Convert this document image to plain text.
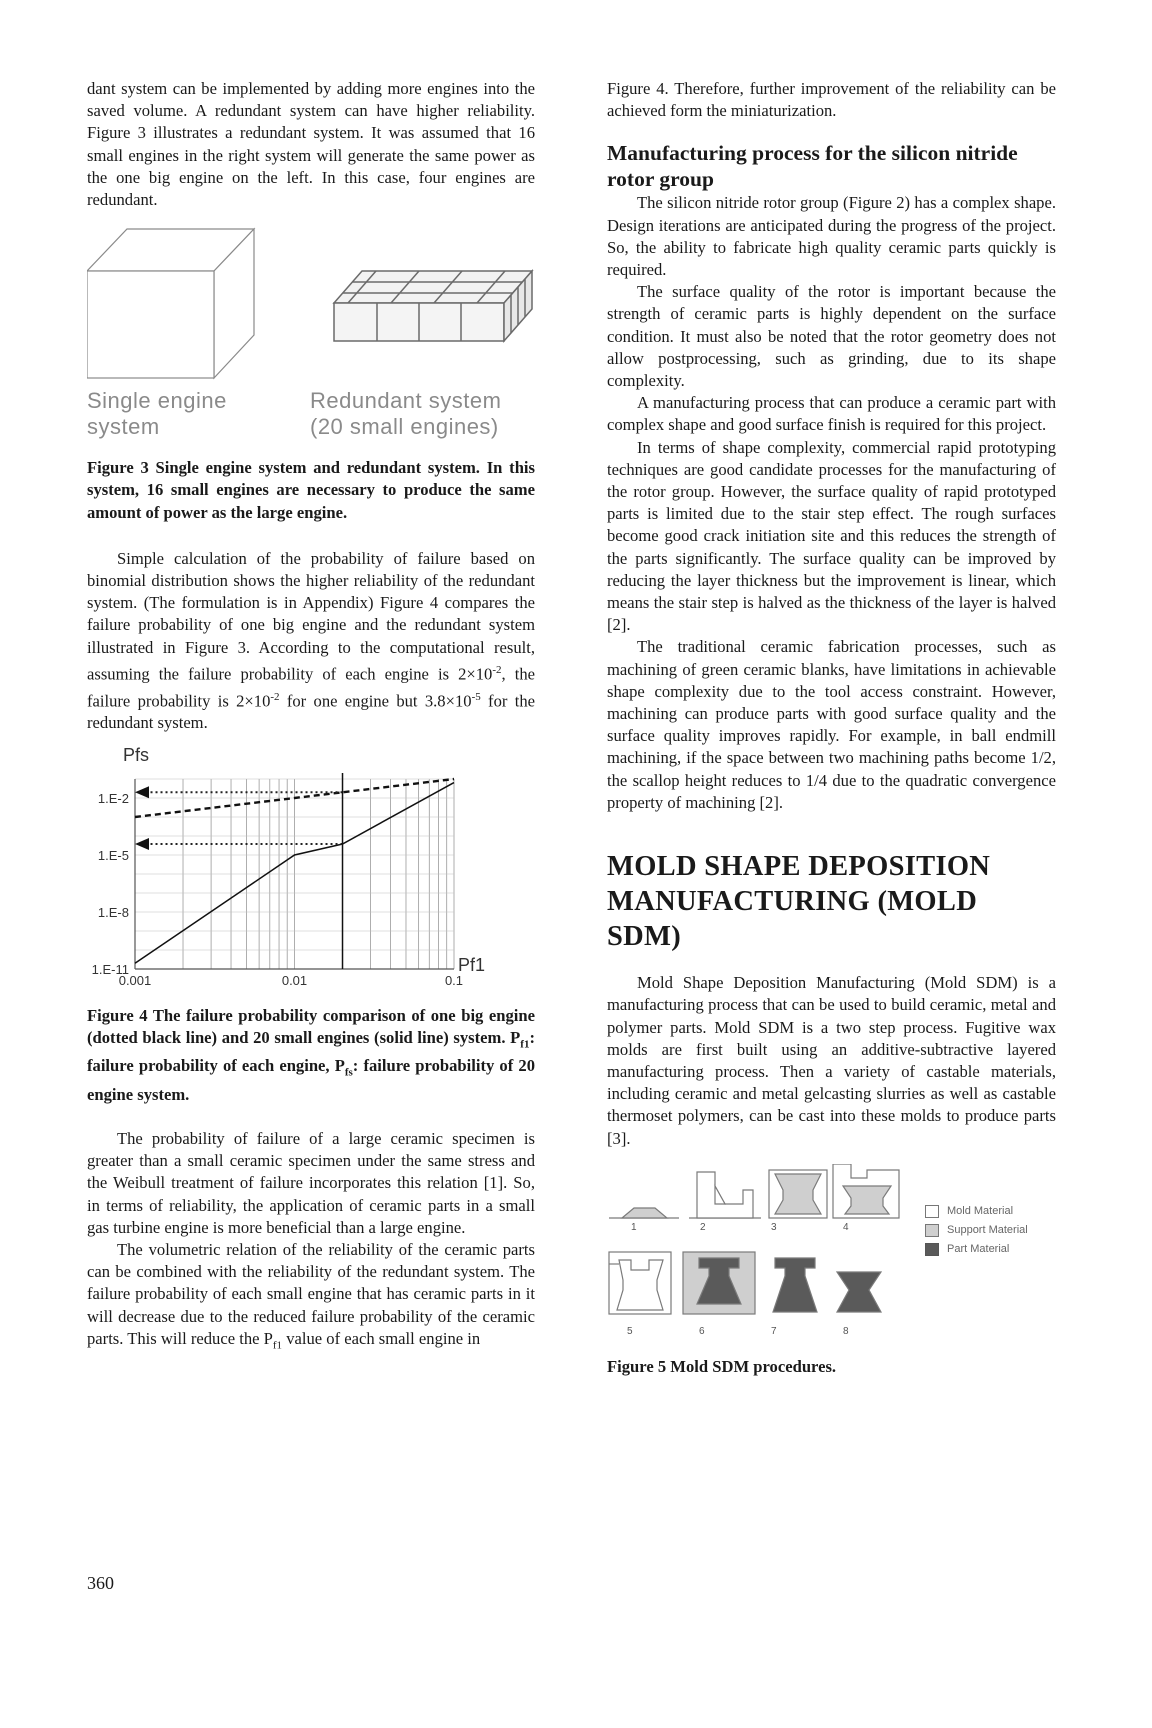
dant system can be implemented by adding more engines into the saved volume. A redundant system can have higher reliability. Figure 3 illustrates a redundant system. It was assumed that 16 small engines in the right system will generate the same power as the one big engine on the left. In this case, four engines are redundant.

Single engine
system
Redundant system
(20 small engines)

Figure 3 Single engine system and redundant system. In this system, 16 small engines are necessary to produce the same amount of power as the large engine.

Simple calculation of the probability of failure based on binomial distribution shows the higher reliability of the redundant system. (The formulation is in Appendix) Figure 4 compares the failure probability of one big engine and the redundant system illustrated in Figure 3. According to the computational result, assuming the failure probability of each engine is $2\times 10^{-2}$, the failure probability is $2\times 10^{-2}$ for one engine but $3.8\times 10^{-5}$ for the redundant system.

1.E-2
1.E-5
1.E-8
1.E-11
0.001	0.01	0.1
Pfs
Pf1

Figure 4 The failure probability comparison of one big engine (dotted black line) and 20 small engines (solid line) system. $P_{f1}$: failure probability of each engine, $P_{fs}$: failure probability of 20 engine system.

The probability of failure of a large ceramic specimen is greater than a small ceramic specimen under the same stress and the Weibull treatment of failure incorporates this relation [1]. So, in terms of reliability, the application of ceramic parts in a small gas turbine engine is more beneficial than a large engine.

The volumetric relation of the reliability of the ceramic parts can be combined with the reliability of the redundant system. The failure probability of each small engine that has ceramic parts in it will decrease due to the reduced failure probability of the ceramic parts. This will reduce the $P_{f1}$ value of each small engine in

Figure 4. Therefore, further improvement of the reliability can be achieved form the miniaturization.

Manufacturing process for the silicon nitride rotor group

The silicon nitride rotor group (Figure 2) has a complex shape. Design iterations are anticipated during the progress of the project. So, the ability to fabricate high quality ceramic parts quickly is required.

The surface quality of the rotor is important because the strength of ceramic parts is highly dependent on the surface condition. It must also be noted that the rotor geometry does not allow postprocessing, such as grinding, due to its shape complexity.

A manufacturing process that can produce a ceramic part with complex shape and good surface finish is required for this project.

In terms of shape complexity, commercial rapid prototyping techniques are good candidate processes for the manufacturing of the rotor group. However, the surface quality of rapid prototyped parts is limited due to the stair step effect. The rough surfaces become good crack initiation site and this reduces the strength of the parts significantly. The surface quality can be improved by reducing the layer thickness but the improvement is linear, which means the stair step is halved as the thickness of the layer is halved [2].

The traditional ceramic fabrication processes, such as machining of green ceramic blanks, have limitations in achievable shape complexity due to the tool access constraint. However, machining can produce parts with good surface quality and the surface quality improves rapidly. For example, in ball endmill machining, if the space between two machining paths become 1/2, the scallop height reduces to 1/4 due to the quadratic convergence property of machining [2].

MOLD SHAPE DEPOSITION
MANUFACTURING (MOLD SDM)

Mold Shape Deposition Manufacturing (Mold SDM) is a manufacturing process that can be used to build ceramic, metal and polymer parts. Mold SDM is a two step process. Fugitive wax molds are first built using an additive-subtractive layered manufacturing process. Then a variety of castable materials, including ceramic and metal gelcasting slurries as well as castable thermoset polymers, can be cast into these molds to produce parts [3].

1	2	3	4
5	6	7	8
Mold Material
Support Material
Part Material

Figure 5 Mold SDM procedures.

360
